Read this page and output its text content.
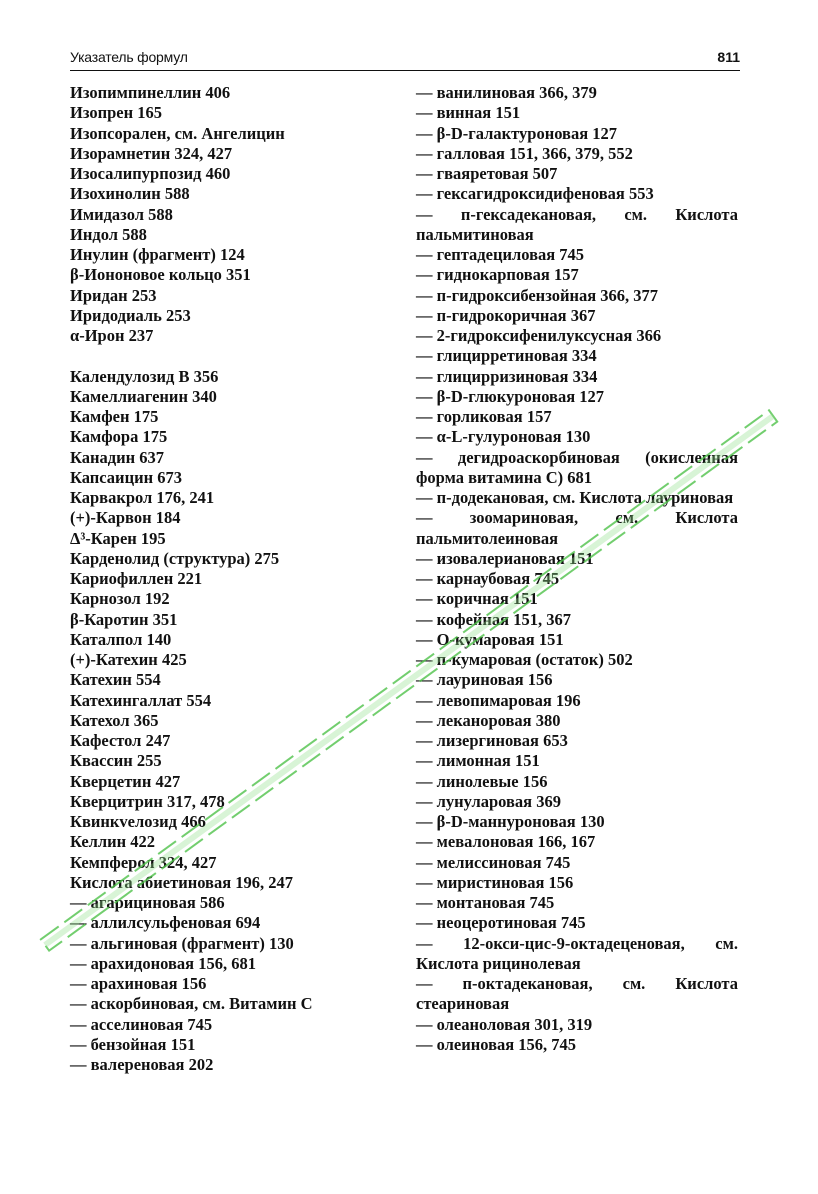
Указатель формул	811
Изопимпинеллин 406
Изопрен 165
Изопсорален, см. Ангелицин
Изорамнетин 324, 427
Изосалипурпозид 460
Изохинолин 588
Имидазол 588
Индол 588
Инулин (фрагмент) 124
β-Иононовое кольцо 351
Иридан 253
Иридодиаль 253
α-Ирон 237
Календулозид В 356
Камеллиагенин 340
Камфен 175
Камфора 175
Канадин 637
Капсаицин 673
Карвакрол 176, 241
(+)-Карвон 184
Δ³-Карен 195
Карденолид (структура) 275
Кариофиллен 221
Карнозол 192
β-Каротин 351
Каталпол 140
(+)-Катехин 425
Катехин 554
Катехингаллат 554
Катехол 365
Кафестол 247
Квассин 255
Кверцетин 427
Кверцитрин 317, 478
Квинкvелозид 466
Келлин 422
Кемпферол 324, 427
Кислота абиетиновая 196, 247
— агарициновая 586
— аллилсульфеновая 694
— альгиновая (фрагмент) 130
— арахидоновая 156, 681
— арахиновая 156
— аскорбиновая, см. Витамин С
— асселиновая 745
— бензойная 151
— валереновая 202
— ванилиновая 366, 379
— винная 151
— β-D-галактуроновая 127
— галловая 151, 366, 379, 552
— гваяретовая 507
— гексагидроксидифеновая 553
— п-гексадекановая, см. Кислота пальмитиновая
— гептадециловая 745
— гиднокарповая 157
— п-гидроксибензойная 366, 377
— п-гидрокоричная 367
— 2-гидроксифенилуксусная 366
— глицирретиновая 334
— глицирризиновая 334
— β-D-глюкуроновая 127
— горликовая 157
— α-L-гулуроновая 130
— дегидроаскорбиновая (окисленная форма витамина С) 681
— п-додекановая, см. Кислота лауриновая
— зоомариновая, см. Кислота пальмитолеиновая
— изовалериановая 151
— карнаубовая 745
— коричная 151
— кофейная 151, 367
— О-кумаровая 151
— п-кумаровая (остаток) 502
— лауриновая 156
— левопимаровая 196
— леканоровая 380
— лизергиновая 653
— лимонная 151
— линолевые 156
— лунуларовая 369
— β-D-маннуроновая 130
— мевалоновая 166, 167
— мелиссиновая 745
— миристиновая 156
— монтановая 745
— неоцеротиновая 745
— 12-окси-цис-9-октадеценовая, см. Кислота рицинолевая
— п-октадекановая, см. Кислота стеариновая
— олеаноловая 301, 319
— олеиновая 156, 745
